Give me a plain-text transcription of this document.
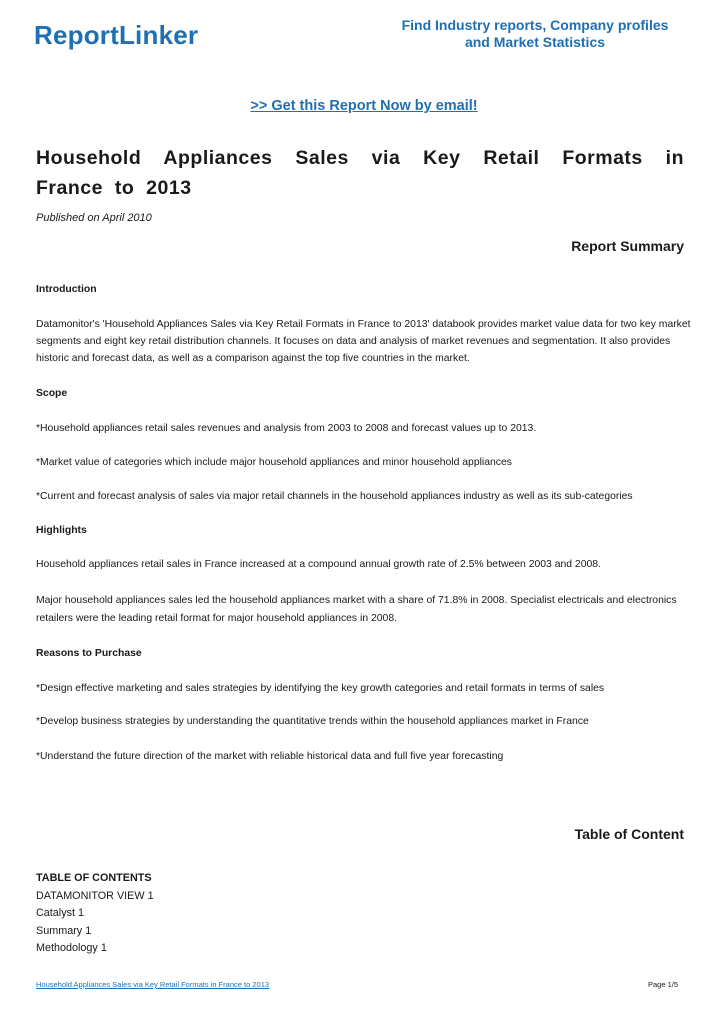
ReportLinker	Find Industry reports, Company profiles
and Market Statistics
>> Get this Report Now by email!
Household Appliances Sales via Key Retail Formats in France to 2013
Published on April 2010
Report Summary

Introduction

Datamonitor's 'Household Appliances Sales via Key Retail Formats in France to 2013' databook provides market value data for two key market segments and eight key retail distribution channels. It focuses on data and analysis of market revenues and segmentation. It also provides historic and forecast data, as well as a comparison against the top five countries in the market.

Scope

*Household appliances retail sales revenues and analysis from 2003 to 2008 and forecast values up to 2013.

*Market value of categories which include major household appliances and minor household appliances

*Current and forecast analysis of sales via major retail channels in the household appliances industry as well as its sub-categories

Highlights

Household appliances retail sales in France increased at a compound annual growth rate of 2.5% between 2003 and 2008.

Major household appliances sales led the household appliances market with a share of 71.8% in 2008. Specialist electricals and electronics retailers were the leading retail format for major household appliances in 2008.

Reasons to Purchase

*Design effective marketing and sales strategies by identifying the key growth categories and retail formats in terms of sales

*Develop business strategies by understanding the quantitative trends within the household appliances market in France

*Understand the future direction of the market with reliable historical data and full five year forecasting

Table of Content
TABLE OF CONTENTS
DATAMONITOR VIEW 1
Catalyst 1
Summary 1
Methodology 1
Household Appliances Sales via Key Retail Formats in France to 2013	Page 1/5
